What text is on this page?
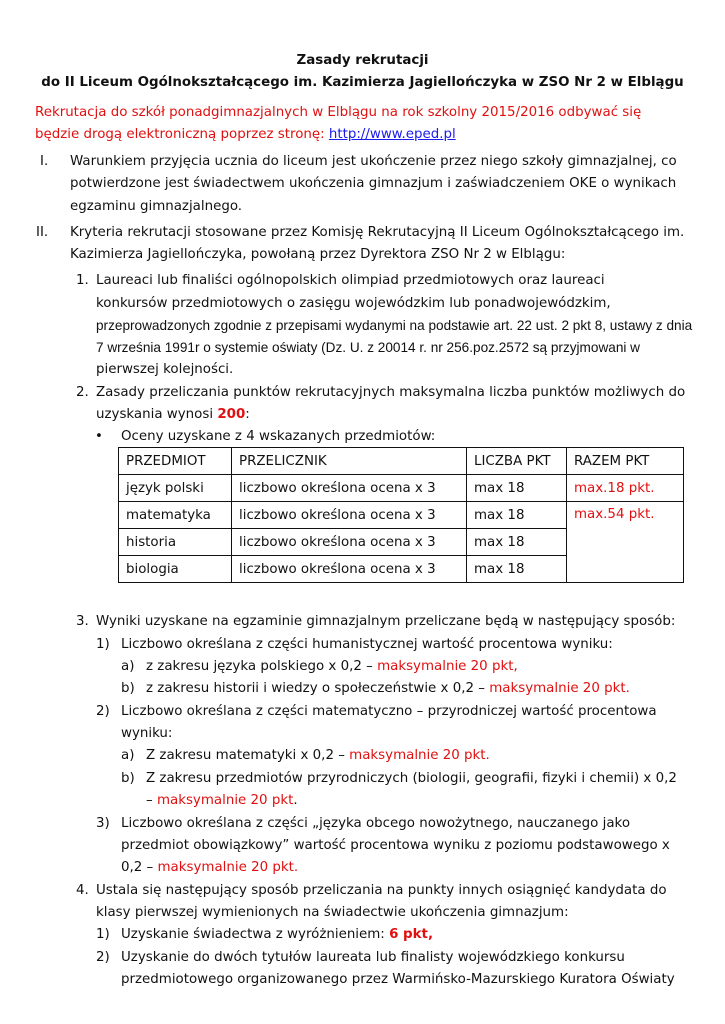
Zasady rekrutacji
do II Liceum Ogólnokształcącego im. Kazimierza Jagiellończyka w ZSO Nr 2 w Elblągu
Rekrutacja do szkół ponadgimnazjalnych w Elblągu na rok szkolny 2015/2016 odbywać się
będzie drogą elektroniczną poprzez stronę: http://www.eped.pl
I. Warunkiem przyjęcia ucznia do liceum jest ukończenie przez niego szkoły gimnazjalnej, co
potwierdzone jest świadectwem ukończenia gimnazjum i zaświadczeniem OKE o wynikach
egzaminu gimnazjalnego.
II. Kryteria rekrutacji stosowane przez Komisję Rekrutacyjną II Liceum Ogólnokształcącego im.
Kazimierza Jagiellończyka, powołaną przez Dyrektora ZSO Nr 2 w Elblągu:
1. Laureaci lub finaliści ogólnopolskich olimpiad przedmiotowych oraz laureaci
konkursów przedmiotowych o zasięgu wojewódzkim lub ponadwojewódzkim,
przeprowadzonych zgodnie z przepisami wydanymi na podstawie art. 22 ust. 2 pkt 8, ustawy z dnia
7 września 1991r o systemie oświaty (Dz. U. z 20014 r. nr 256.poz.2572 są przyjmowani w
pierwszej kolejności.
2. Zasady przeliczania punktów rekrutacyjnych maksymalna liczba punktów możliwych do
uzyskania wynosi 200:
• Oceny uzyskane z 4 wskazanych przedmiotów:
PRZEDMIOT	PRZELICZNIK	LICZBA PKT	RAZEM PKT
język polski	liczbowo określona ocena x 3	max 18	max.18 pkt.
matematyka	liczbowo określona ocena x 3	max 18	max.54 pkt.
historia	liczbowo określona ocena x 3	max 18	
biologia	liczbowo określona ocena x 3	max 18	
3. Wyniki uzyskane na egzaminie gimnazjalnym przeliczane będą w następujący sposób:
1) Liczbowo określana z części humanistycznej wartość procentowa wyniku:
a) z zakresu języka polskiego x 0,2 – maksymalnie 20 pkt,
b) z zakresu historii i wiedzy o społeczeństwie x 0,2 – maksymalnie 20 pkt.
2) Liczbowo określana z części matematyczno – przyrodniczej wartość procentowa
wyniku:
a) Z zakresu matematyki x 0,2 – maksymalnie 20 pkt.
b) Z zakresu przedmiotów przyrodniczych (biologii, geografii, fizyki i chemii) x 0,2
– maksymalnie 20 pkt.
3) Liczbowo określana z części „języka obcego nowożytnego, nauczanego jako
przedmiot obowiązkowy” wartość procentowa wyniku z poziomu podstawowego x
0,2 – maksymalnie 20 pkt.
4. Ustala się następujący sposób przeliczania na punkty innych osiągnięć kandydata do
klasy pierwszej wymienionych na świadectwie ukończenia gimnazjum:
1) Uzyskanie świadectwa z wyróżnieniem: 6 pkt,
2) Uzyskanie do dwóch tytułów laureata lub finalisty wojewódzkiego konkursu
przedmiotowego organizowanego przez Warmińsko-Mazurskiego Kuratora Oświaty
